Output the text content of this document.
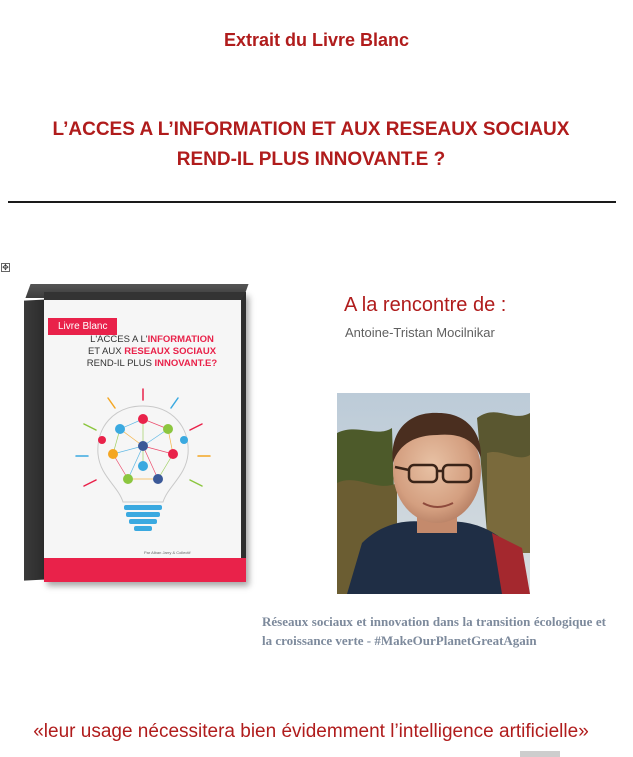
Extrait du Livre Blanc
L’ACCES A L’INFORMATION ET AUX RESEAUX SOCIAUX
REND-IL PLUS INNOVANT.E ?
✥
Livre Blanc
L'ACCES A L'INFORMATION
ET AUX RESEAUX SOCIAUX
REND-IL PLUS INNOVANT.E?
Par Alban Jarry & Collectif
A la rencontre de :
Antoine-Tristan Mocilnikar
Réseaux sociaux et innovation dans la transition écologique et la croissance verte - #MakeOurPlanetGreatAgain
«leur usage nécessitera bien évidemment l’intelligence artificielle»
